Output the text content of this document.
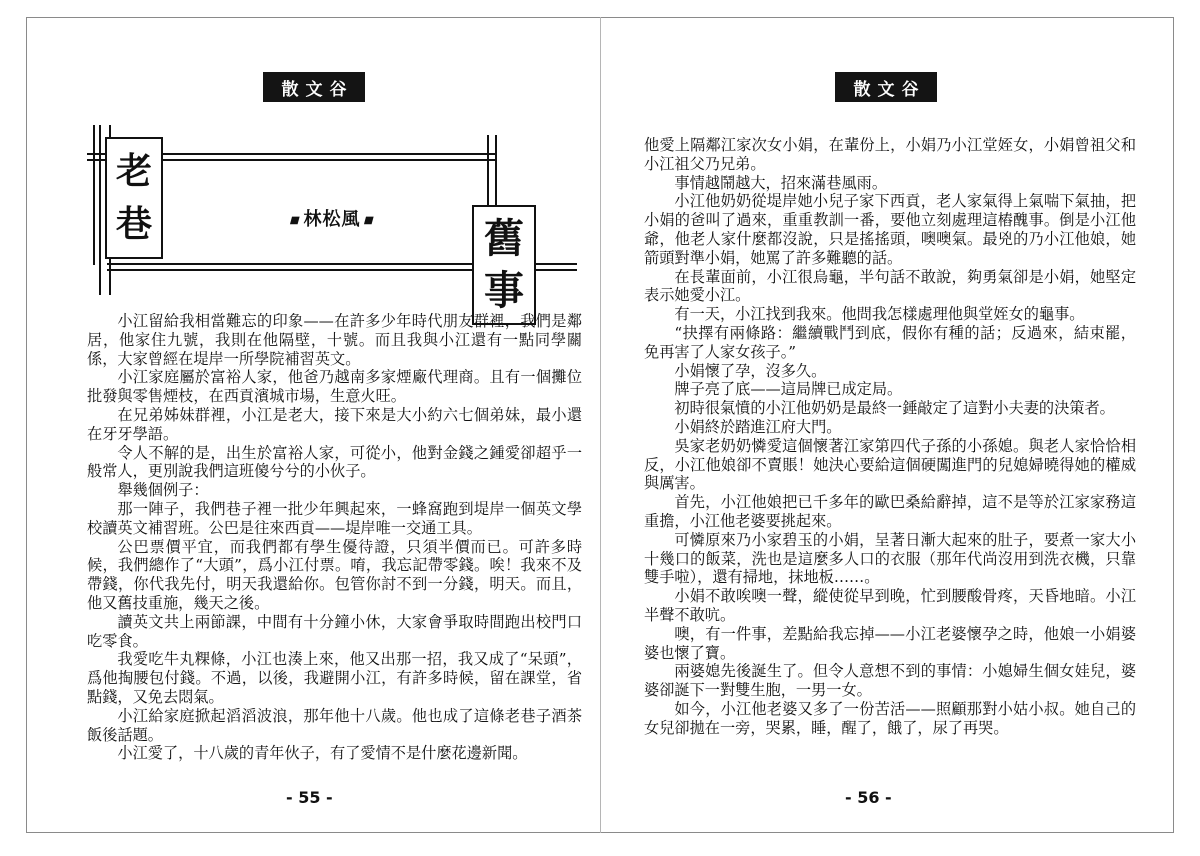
散文谷
老
巷	■林松風 ■	舊
事

小江留給我相當難忘的印象——在許多少年時代朋友群裡，我們是鄰居，他家住九號，我則在他隔壁，十號。而且我與小江還有一點同學關係，大家曾經在堤岸一所學院補習英文。

小江家庭屬於富裕人家，他爸乃越南多家煙廠代理商。且有一個攤位批發與零售煙枝，在西貢濱城市場，生意火旺。

在兄弟姊妹群裡，小江是老大，接下來是大小約六七個弟妹，最小還在牙牙學語。

令人不解的是，出生於富裕人家，可從小，他對金錢之鍾愛卻超乎一般常人，更別說我們這班傻兮兮的小伙子。

舉幾個例子：

那一陣子，我們巷子裡一批少年興起來，一蜂窩跑到堤岸一個英文學校讀英文補習班。公巴是往來西貢——堤岸唯一交通工具。

公巴票價平宜，而我們都有學生優待證，只須半價而已。可許多時候，我們總作了“大頭”，爲小江付票。唷，我忘記帶零錢。唉！我來不及帶錢，你代我先付，明天我還給你。包管你討不到一分錢，明天。而且，他又舊技重施，幾天之後。

讀英文共上兩節課，中間有十分鐘小休，大家會爭取時間跑出校門口吃零食。

我愛吃牛丸粿條，小江也湊上來，他又出那一招，我又成了“呆頭”，爲他掏腰包付錢。不過，以後，我避開小江，有許多時候，留在課堂，省點錢，又免去悶氣。

小江給家庭掀起滔滔波浪，那年他十八歲。他也成了這條老巷子酒茶飯後話題。

小江愛了，十八歲的青年伙子，有了愛情不是什麼花邊新聞。

- 55 -
散文谷

他愛上隔鄰江家次女小娟，在輩份上，小娟乃小江堂姪女，小娟曾祖父和小江祖父乃兄弟。

事情越鬧越大，招來滿巷風雨。

小江他奶奶從堤岸她小兒子家下西貢，老人家氣得上氣喘下氣抽，把小娟的爸叫了過來，重重教訓一番，要他立刻處理這樁醜事。倒是小江他爺，他老人家什麼都沒說，只是搖搖頭，噢噢氣。最兇的乃小江他娘，她箭頭對準小娟，她罵了許多難聽的話。

在長輩面前，小江很烏龜，半句話不敢說，夠勇氣卻是小娟，她堅定表示她愛小江。

有一天，小江找到我來。他問我怎樣處理他與堂姪女的龜事。

“抉擇有兩條路：繼續戰鬥到底，假你有種的話；反過來，結束罷，免再害了人家女孩子。”

小娟懷了孕，沒多久。

牌子亮了底——這局牌已成定局。

初時很氣憤的小江他奶奶是最終一錘敲定了這對小夫妻的決策者。

小娟終於踏進江府大門。

吳家老奶奶憐愛這個懷著江家第四代子孫的小孫媳。與老人家恰恰相反，小江他娘卻不賣賬！她決心要給這個硬闖進門的兒媳婦曉得她的權威與厲害。

首先，小江他娘把已千多年的歐巴桑給辭掉，這不是等於江家家務這重擔，小江他老婆要挑起來。

可憐原來乃小家碧玉的小娟，呈著日漸大起來的肚子，要煮一家大小十幾口的飯菜，洗也是這麼多人口的衣服（那年代尚沒用到洗衣機，只靠雙手啦），還有掃地，抹地板……。

小娟不敢唉噢一聲，縱使從早到晚，忙到腰酸骨疼，天昏地暗。小江半聲不敢吭。

噢，有一件事，差點給我忘掉——小江老婆懷孕之時，他娘一小娟婆婆也懷了寶。

兩婆媳先後誕生了。但令人意想不到的事情：小媳婦生個女娃兒，婆婆卻誕下一對雙生胞，一男一女。

如今，小江他老婆又多了一份苦活——照顧那對小姑小叔。她自己的女兒卻拋在一旁，哭累，睡，醒了，餓了，尿了再哭。

- 56 -
